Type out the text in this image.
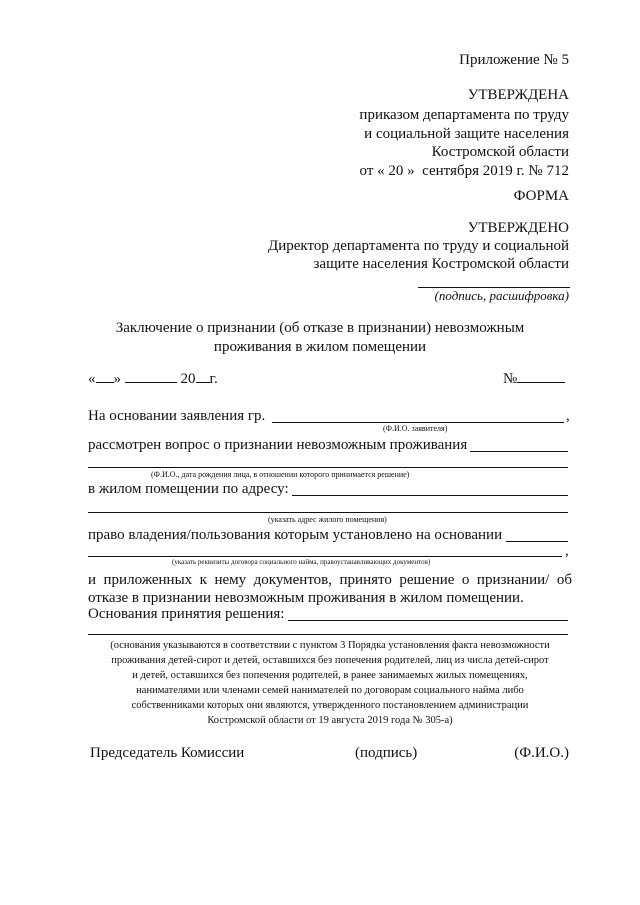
Приложение № 5
УТВЕРЖДЕНА
приказом департамента по труду
и социальной защите населения
Костромской области
от « 20 » сентября 2019 г. № 712
ФОРМА
УТВЕРЖДЕНО
Директор департамента по труду и социальной
защите населения Костромской области
(подпись, расшифровка)
Заключение о признании (об отказе в признании) невозможным
проживания в жилом помещении
« »	20 г.	№
На основании заявления гр.	,
(Ф.И.О. заявителя)
рассмотрен вопрос о признании невозможным проживания
(Ф.И.О., дата рождения лица, в отношении которого принимается решение)
в жилом помещении по адресу:
(указать адрес жилого помещения)
право владения/пользования которым установлено на основании
,
(указать реквизиты договора социального найма, правоустанавливающих документов)
и приложенных к нему документов, принято решение о признании/ об
отказе в признании невозможным проживания в жилом помещении.
Основания принятия решения:
(основания указываются в соответствии с пунктом 3 Порядка установления факта невозможности
проживания детей-сирот и детей, оставшихся без попечения родителей, лиц из числа детей-сирот
и детей, оставшихся без попечения родителей, в ранее занимаемых жилых помещениях,
нанимателями или членами семей нанимателей по договорам социального найма либо
собственниками которых они являются, утвержденного постановлением администрации
Костромской области от 19 августа 2019 года № 305-а)
Председатель Комиссии	(подпись)	(Ф.И.О.)
